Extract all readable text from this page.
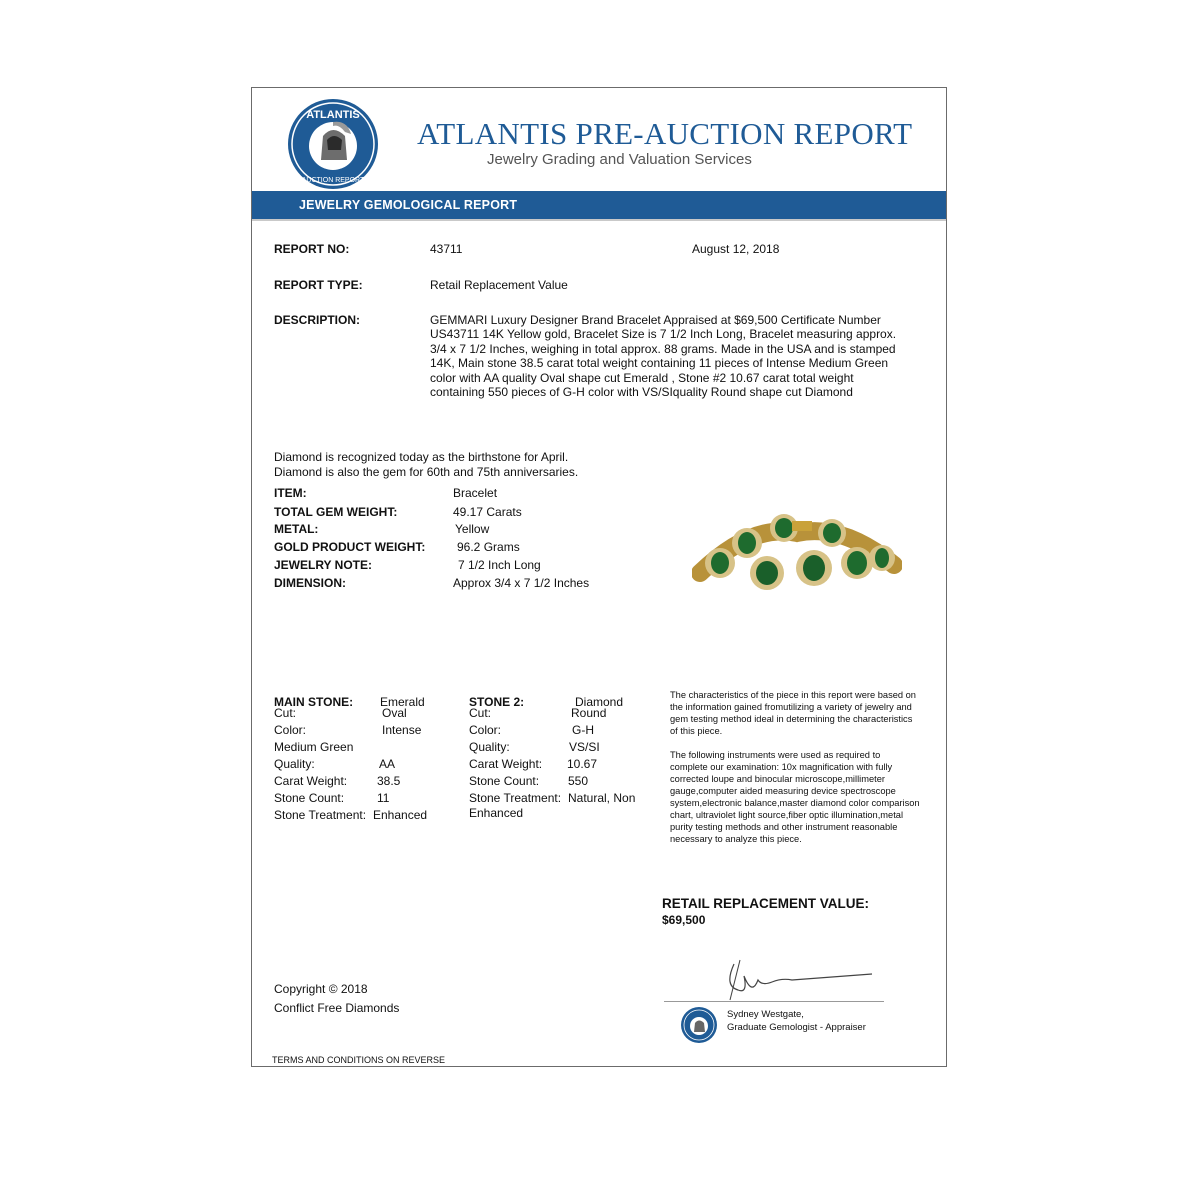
ATLANTIS
AUCTION REPORT
ATLANTIS PRE-AUCTION REPORT
Jewelry Grading and Valuation Services
JEWELRY GEMOLOGICAL REPORT
REPORT NO:	43711	August 12, 2018
REPORT TYPE:	Retail Replacement Value
DESCRIPTION:	GEMMARI Luxury Designer Brand Bracelet Appraised at $69,500 Certificate Number US43711 14K Yellow gold, Bracelet Size is 7 1/2 Inch Long, Bracelet measuring approx. 3/4 x 7 1/2 Inches, weighing in total approx. 88 grams. Made in the USA and is stamped 14K, Main stone 38.5 carat total weight containing 11 pieces of Intense Medium Green color with AA quality Oval shape cut Emerald , Stone #2 10.67 carat total weight containing 550 pieces of G-H color with VS/SIquality Round shape cut Diamond
Diamond is recognized today as the birthstone for April.
Diamond is also the gem for 60th and 75th anniversaries.
ITEM:	Bracelet
TOTAL GEM WEIGHT:	49.17 Carats
METAL:	Yellow
GOLD PRODUCT WEIGHT:	96.2 Grams
JEWELRY NOTE:	7 1/2 Inch Long
DIMENSION:	Approx 3/4 x 7 1/2 Inches
MAIN STONE: Emerald
Cut:	Oval
Color:	Intense
Medium Green
Quality:	AA
Carat Weight: 38.5
Stone Count:	11
Stone Treatment: Enhanced
STONE 2:	Diamond
Cut:	Round
Color:	G-H
Quality:	VS/SI
Carat Weight: 10.67
Stone Count: 550
Stone Treatment: Natural, Non
Enhanced

The characteristics of the piece in this report were based on the information gained fromutilizing a variety of jewelry and gem testing method ideal in determining the characteristics of this piece.

The following instruments were used as required to complete our examination: 10x magnification with fully corrected loupe and binocular microscope,millimeter gauge,computer aided measuring device spectroscope system,electronic balance,master diamond color comparison chart, ultraviolet light source,fiber optic illumination,metal purity testing methods and other instrument reasonable necessary to analyze this piece.

RETAIL REPLACEMENT VALUE:
$69,500
Sydney Westgate,
Graduate Gemologist - Appraiser
Copyright © 2018
Conflict Free Diamonds
TERMS AND CONDITIONS ON REVERSE
